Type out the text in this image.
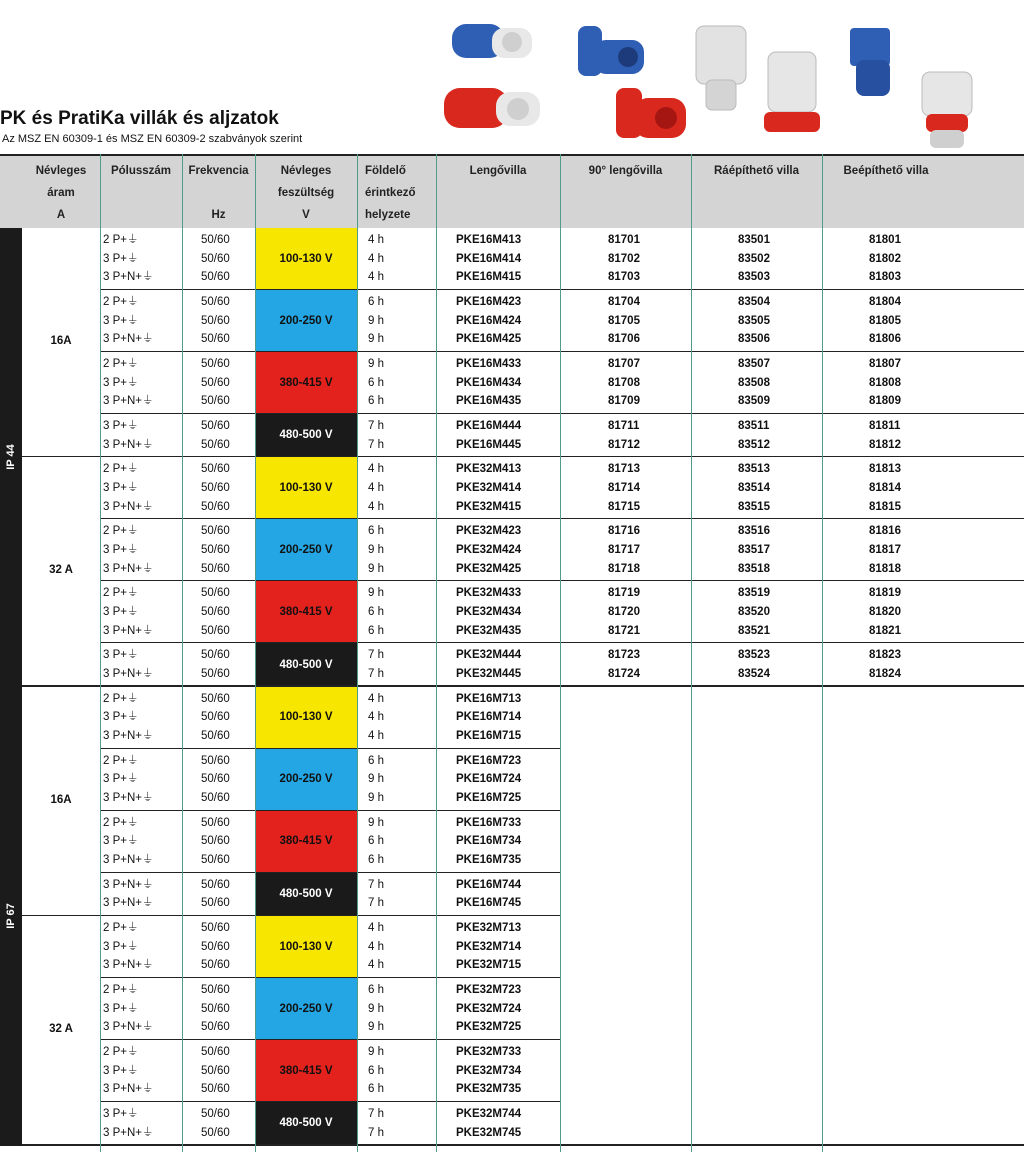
PK és PratiKa villák és aljzatok
Az MSZ EN 60309-1 és MSZ EN 60309-2 szabványok szerint
Névleges
áram
A
Pólusszám	Frekvencia

Hz
Névleges
feszültség
V
Földelő
érintkező
helyzete
Lengővilla	90° lengővilla	Ráépíthető villa	Beépíthető villa
100-130 V
2 P+⏚	50/60	4 h	PKE16M413	81701	83501	81801
3 P+⏚	50/60	4 h	PKE16M414	81702	83502	81802
3 P+N+⏚	50/60	4 h	PKE16M415	81703	83503	81803
200-250 V
2 P+⏚	50/60	6 h	PKE16M423	81704	83504	81804
3 P+⏚	50/60	9 h	PKE16M424	81705	83505	81805
3 P+N+⏚	50/60	9 h	PKE16M425	81706	83506	81806
380-415 V
2 P+⏚	50/60	9 h	PKE16M433	81707	83507	81807
3 P+⏚	50/60	6 h	PKE16M434	81708	83508	81808
3 P+N+⏚	50/60	6 h	PKE16M435	81709	83509	81809
480-500 V
3 P+⏚	50/60	7 h	PKE16M444	81711	83511	81811
3 P+N+⏚	50/60	7 h	PKE16M445	81712	83512	81812
16A
100-130 V
2 P+⏚	50/60	4 h	PKE32M413	81713	83513	81813
3 P+⏚	50/60	4 h	PKE32M414	81714	83514	81814
3 P+N+⏚	50/60	4 h	PKE32M415	81715	83515	81815
200-250 V
2 P+⏚	50/60	6 h	PKE32M423	81716	83516	81816
3 P+⏚	50/60	9 h	PKE32M424	81717	83517	81817
3 P+N+⏚	50/60	9 h	PKE32M425	81718	83518	81818
380-415 V
2 P+⏚	50/60	9 h	PKE32M433	81719	83519	81819
3 P+⏚	50/60	6 h	PKE32M434	81720	83520	81820
3 P+N+⏚	50/60	6 h	PKE32M435	81721	83521	81821
480-500 V
3 P+⏚	50/60	7 h	PKE32M444	81723	83523	81823
3 P+N+⏚	50/60	7 h	PKE32M445	81724	83524	81824
32 A
IP 44
100-130 V
2 P+⏚	50/60	4 h	PKE16M713
3 P+⏚	50/60	4 h	PKE16M714
3 P+N+⏚	50/60	4 h	PKE16M715
200-250 V
2 P+⏚	50/60	6 h	PKE16M723
3 P+⏚	50/60	9 h	PKE16M724
3 P+N+⏚	50/60	9 h	PKE16M725
380-415 V
2 P+⏚	50/60	9 h	PKE16M733
3 P+⏚	50/60	6 h	PKE16M734
3 P+N+⏚	50/60	6 h	PKE16M735
480-500 V
3 P+N+⏚	50/60	7 h	PKE16M744
3 P+N+⏚	50/60	7 h	PKE16M745
16A
100-130 V
2 P+⏚	50/60	4 h	PKE32M713
3 P+⏚	50/60	4 h	PKE32M714
3 P+N+⏚	50/60	4 h	PKE32M715
200-250 V
2 P+⏚	50/60	6 h	PKE32M723
3 P+⏚	50/60	9 h	PKE32M724
3 P+N+⏚	50/60	9 h	PKE32M725
380-415 V
2 P+⏚	50/60	9 h	PKE32M733
3 P+⏚	50/60	6 h	PKE32M734
3 P+N+⏚	50/60	6 h	PKE32M735
480-500 V
3 P+⏚	50/60	7 h	PKE32M744
3 P+N+⏚	50/60	7 h	PKE32M745
32 A
IP 67
